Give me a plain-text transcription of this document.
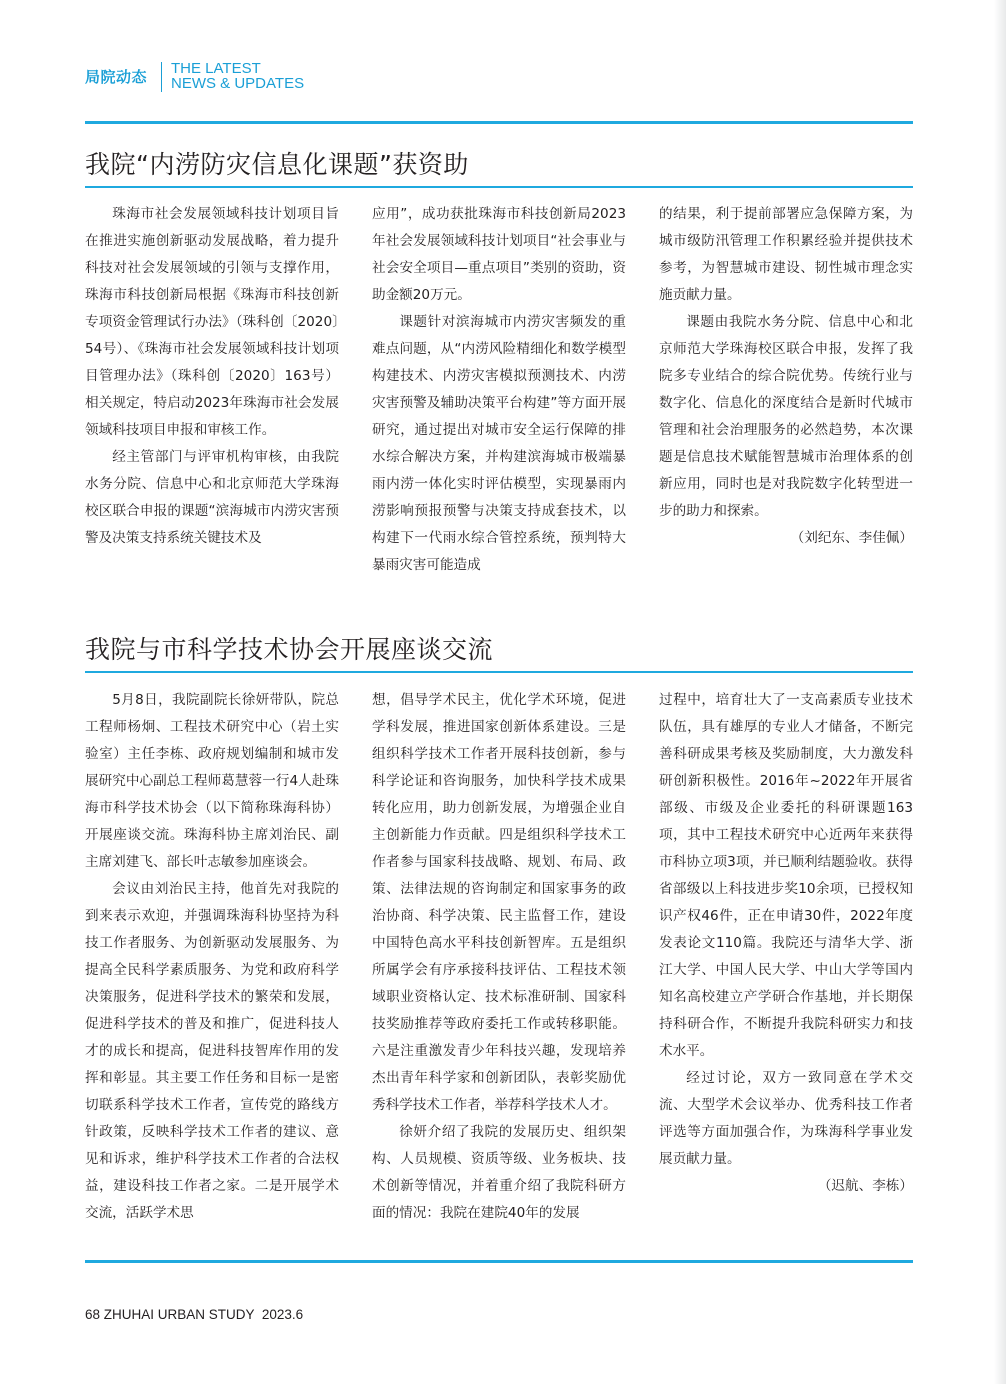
局院动态 THE LATEST
NEWS & UPDATES
我院“内涝防灾信息化课题”获资助

珠海市社会发展领域科技计划项目旨在推进实施创新驱动发展战略，着力提升科技对社会发展领域的引领与支撑作用，珠海市科技创新局根据《珠海市科技创新专项资金管理试行办法》（珠科创〔2020〕54号）、《珠海市社会发展领域科技计划项目管理办法》（珠科创〔2020〕163号）相关规定，特启动2023年珠海市社会发展领域科技项目申报和审核工作。

经主管部门与评审机构审核，由我院水务分院、信息中心和北京师范大学珠海校区联合申报的课题“滨海城市内涝灾害预警及决策支持系统关键技术及

应用”，成功获批珠海市科技创新局2023年社会发展领域科技计划项目“社会事业与社会安全项目—重点项目”类别的资助，资助金额20万元。

课题针对滨海城市内涝灾害频发的重难点问题，从“内涝风险精细化和数学模型构建技术、内涝灾害模拟预测技术、内涝灾害预警及辅助决策平台构建”等方面开展研究，通过提出对城市安全运行保障的排水综合解决方案，并构建滨海城市极端暴雨内涝一体化实时评估模型，实现暴雨内涝影响预报预警与决策支持成套技术，以构建下一代雨水综合管控系统，预判特大暴雨灾害可能造成

的结果，利于提前部署应急保障方案，为城市级防汛管理工作积累经验并提供技术参考，为智慧城市建设、韧性城市理念实施贡献力量。

课题由我院水务分院、信息中心和北京师范大学珠海校区联合申报，发挥了我院多专业结合的综合院优势。传统行业与数字化、信息化的深度结合是新时代城市管理和社会治理服务的必然趋势，本次课题是信息技术赋能智慧城市治理体系的创新应用，同时也是对我院数字化转型进一步的助力和探索。

（刘纪东、李佳佩）

我院与市科学技术协会开展座谈交流

5月8日，我院副院长徐妍带队，院总工程师杨炯、工程技术研究中心（岩土实验室）主任李栋、政府规划编制和城市发展研究中心副总工程师葛慧蓉一行4人赴珠海市科学技术协会（以下简称珠海科协）开展座谈交流。珠海科协主席刘治民、副主席刘建飞、部长叶志敏参加座谈会。

会议由刘治民主持，他首先对我院的到来表示欢迎，并强调珠海科协坚持为科技工作者服务、为创新驱动发展服务、为提高全民科学素质服务、为党和政府科学决策服务，促进科学技术的繁荣和发展，促进科学技术的普及和推广，促进科技人才的成长和提高，促进科技智库作用的发挥和彰显。其主要工作任务和目标一是密切联系科学技术工作者，宣传党的路线方针政策，反映科学技术工作者的建议、意见和诉求，维护科学技术工作者的合法权益，建设科技工作者之家。二是开展学术交流，活跃学术思

想，倡导学术民主，优化学术环境，促进学科发展，推进国家创新体系建设。三是组织科学技术工作者开展科技创新，参与科学论证和咨询服务，加快科学技术成果转化应用，助力创新发展，为增强企业自主创新能力作贡献。四是组织科学技术工作者参与国家科技战略、规划、布局、政策、法律法规的咨询制定和国家事务的政治协商、科学决策、民主监督工作，建设中国特色高水平科技创新智库。五是组织所属学会有序承接科技评估、工程技术领域职业资格认定、技术标准研制、国家科技奖励推荐等政府委托工作或转移职能。六是注重激发青少年科技兴趣，发现培养杰出青年科学家和创新团队，表彰奖励优秀科学技术工作者，举荐科学技术人才。

徐妍介绍了我院的发展历史、组织架构、人员规模、资质等级、业务板块、技术创新等情况，并着重介绍了我院科研方面的情况：我院在建院40年的发展

过程中，培育壮大了一支高素质专业技术队伍，具有雄厚的专业人才储备，不断完善科研成果考核及奖励制度，大力激发科研创新积极性。2016年~2022年开展省部级、市级及企业委托的科研课题163项，其中工程技术研究中心近两年来获得市科协立项3项，并已顺利结题验收。获得省部级以上科技进步奖10余项，已授权知识产权46件，正在申请30件，2022年度发表论文110篇。我院还与清华大学、浙江大学、中国人民大学、中山大学等国内知名高校建立产学研合作基地，并长期保持科研合作，不断提升我院科研实力和技术水平。

经过讨论，双方一致同意在学术交流、大型学术会议举办、优秀科技工作者评选等方面加强合作，为珠海科学事业发展贡献力量。

（迟航、李栋）

68 ZHUHAI URBAN STUDY 2023.6
